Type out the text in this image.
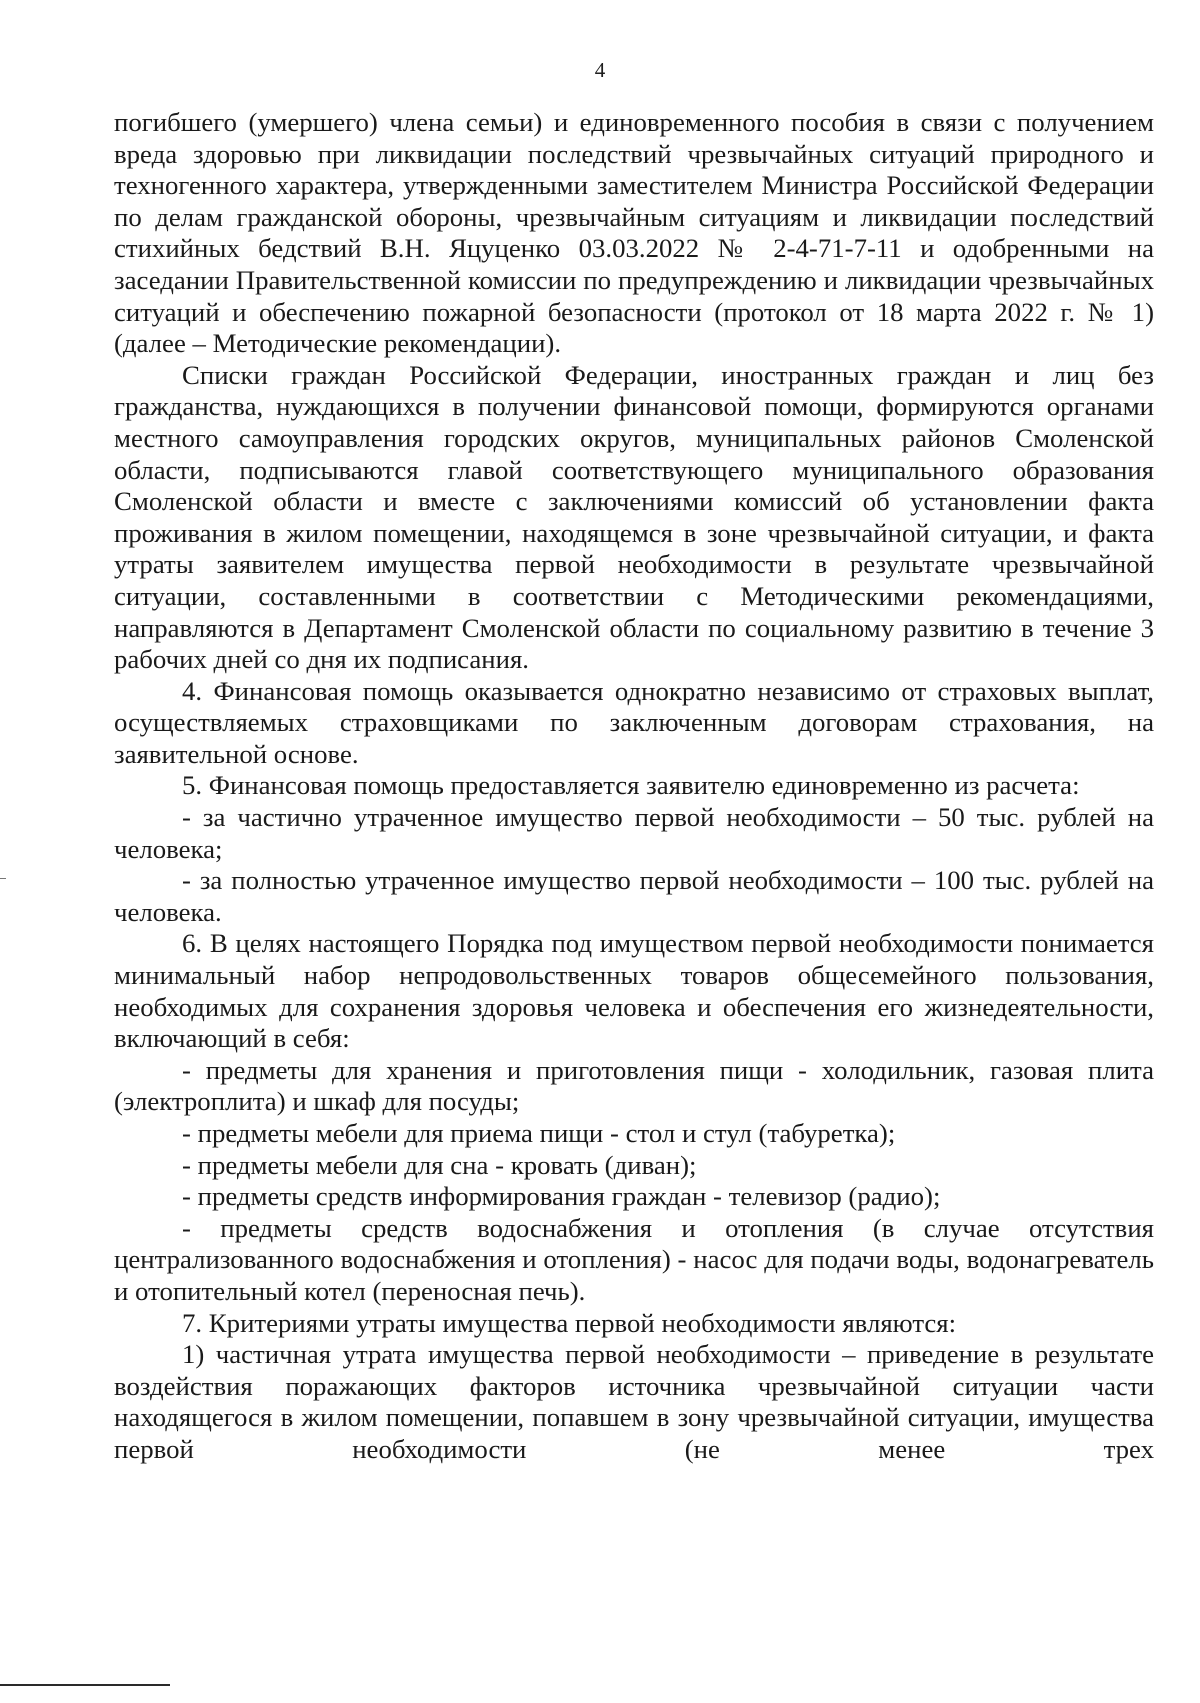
4

погибшего (умершего) члена семьи) и единовременного пособия в связи с получением вреда здоровью при ликвидации последствий чрезвычайных ситуаций природного и техногенного характера, утвержденными заместителем Министра Российской Федерации по делам гражданской обороны, чрезвычайным ситуациям и ликвидации последствий стихийных бедствий В.Н. Яцуценко 03.03.2022 № 2-4-71-7-11 и одобренными на заседании Правительственной комиссии по предупреждению и ликвидации чрезвычайных ситуаций и обеспечению пожарной безопасности (протокол от 18 марта 2022 г. № 1) (далее – Методические рекомендации).

Списки граждан Российской Федерации, иностранных граждан и лиц без гражданства, нуждающихся в получении финансовой помощи, формируются органами местного самоуправления городских округов, муниципальных районов Смоленской области, подписываются главой соответствующего муниципального образования Смоленской области и вместе с заключениями комиссий об установлении факта проживания в жилом помещении, находящемся в зоне чрезвычайной ситуации, и факта утраты заявителем имущества первой необходимости в результате чрезвычайной ситуации, составленными в соответствии с Методическими рекомендациями, направляются в Департамент Смоленской области по социальному развитию в течение 3 рабочих дней со дня их подписания.

4. Финансовая помощь оказывается однократно независимо от страховых выплат, осуществляемых страховщиками по заключенным договорам страхования, на заявительной основе.

5. Финансовая помощь предоставляется заявителю единовременно из расчета:

- за частично утраченное имущество первой необходимости – 50 тыс. рублей на человека;

- за полностью утраченное имущество первой необходимости – 100 тыс. рублей на человека.

6. В целях настоящего Порядка под имуществом первой необходимости понимается минимальный набор непродовольственных товаров общесемейного пользования, необходимых для сохранения здоровья человека и обеспечения его жизнедеятельности, включающий в себя:

- предметы для хранения и приготовления пищи - холодильник, газовая плита (электроплита) и шкаф для посуды;

- предметы мебели для приема пищи - стол и стул (табуретка);

- предметы мебели для сна - кровать (диван);

- предметы средств информирования граждан - телевизор (радио);

- предметы средств водоснабжения и отопления (в случае отсутствия централизованного водоснабжения и отопления) - насос для подачи воды, водонагреватель и отопительный котел (переносная печь).

7. Критериями утраты имущества первой необходимости являются:

1) частичная утрата имущества первой необходимости – приведение в результате воздействия поражающих факторов источника чрезвычайной ситуации части находящегося в жилом помещении, попавшем в зону чрезвычайной ситуации, имущества первой необходимости (не менее трех
